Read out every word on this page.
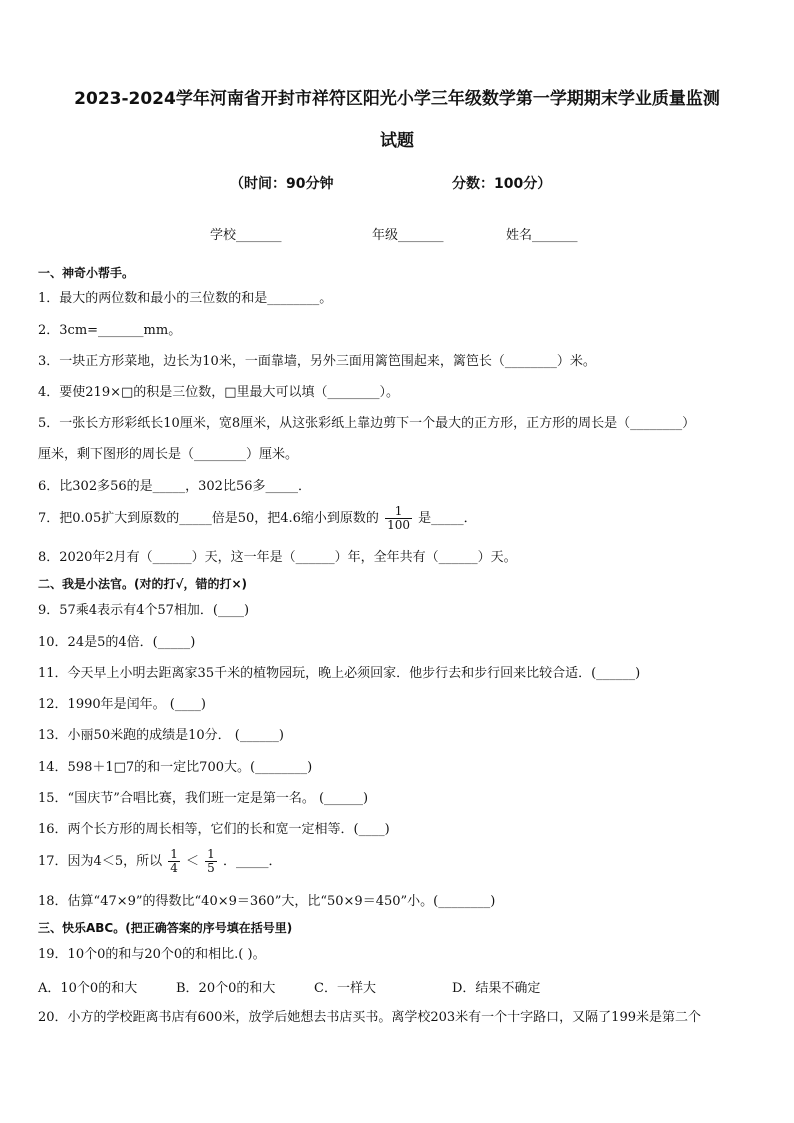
2023-2024学年河南省开封市祥符区阳光小学三年级数学第一学期期末学业质量监测
试题
（时间：90分钟	分数：100分）
学校_______	年级_______	姓名_______
一、神奇小帮手。
1．最大的两位数和最小的三位数的和是________。
2．3cm=_______mm。
3．一块正方形菜地，边长为10米，一面靠墙，另外三面用篱笆围起来，篱笆长（________）米。
4．要使219×□的积是三位数，□里最大可以填（________）。
5．一张长方形彩纸长10厘米，宽8厘米，从这张彩纸上靠边剪下一个最大的正方形，正方形的周长是（________）
厘米，剩下图形的周长是（________）厘米。
6．比302多56的是_____，302比56多_____．
7．把0.05扩大到原数的_____倍是50，把4.6缩小到原数的 $\frac{1}{100}$ 是_____．
8．2020年2月有（______）天，这一年是（______）年，全年共有（______）天。
二、我是小法官。(对的打√，错的打×)
9．57乘4表示有4个57相加．(____)
10．24是5的4倍．(_____)
11．今天早上小明去距离家35千米的植物园玩，晚上必须回家．他步行去和步行回来比较合适．(______)
12．1990年是闰年。 (____)
13．小丽50米跑的成绩是10分． (______)
14．598＋1□7的和一定比700大。(________)
15．“国庆节”合唱比赛，我们班一定是第一名。 (______)
16．两个长方形的周长相等，它们的长和宽一定相等．(____)
17．因为4＜5，所以 $\frac{1}{4} < \frac{1}{5}$ ．_____．
18．估算“47×9”的得数比“40×9＝360”大，比“50×9＝450”小。(________)
三、快乐ABC。(把正确答案的序号填在括号里)
19．10个0的和与20个0的和相比.( )。
A．10个0的和大	B．20个0的和大	C．一样大	D．结果不确定
20．小方的学校距离书店有600米，放学后她想去书店买书。离学校203米有一个十字路口，又隔了199米是第二个
